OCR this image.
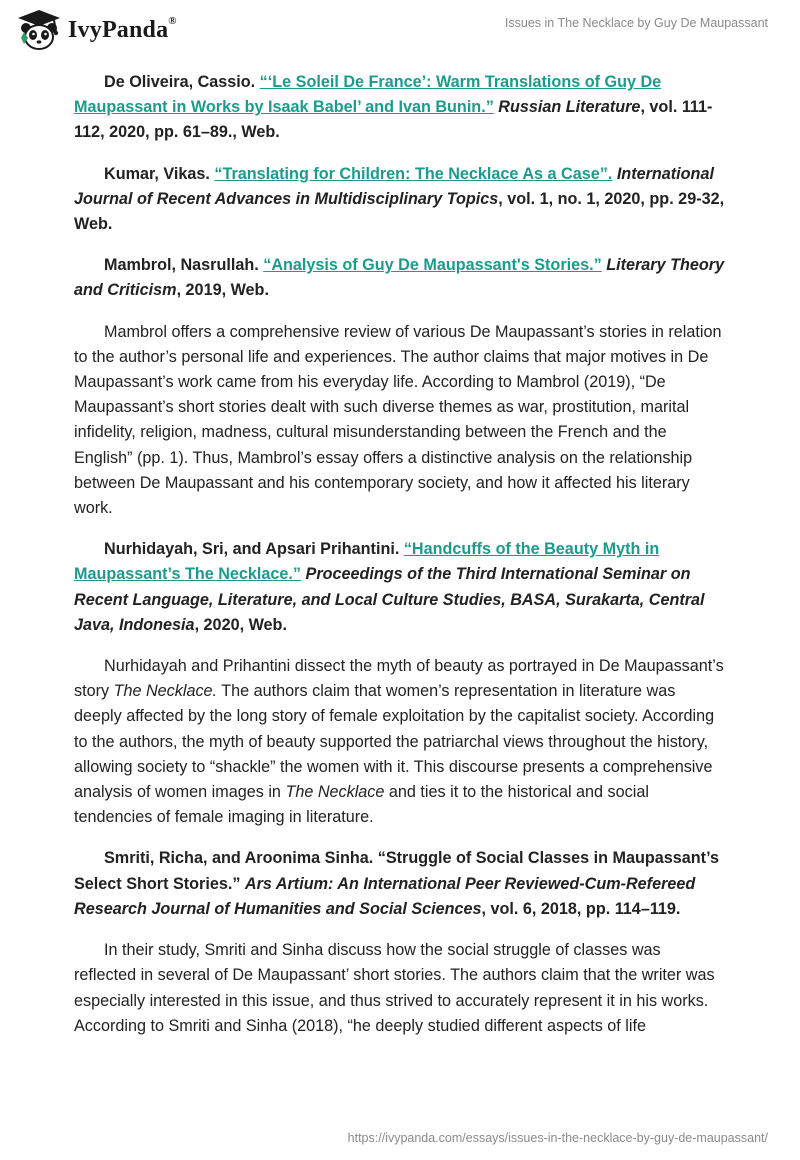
IvyPanda®	Issues in The Necklace by Guy De Maupassant

De Oliveira, Cassio. “‘Le Soleil De France’: Warm Translations of Guy De Maupassant in Works by Isaak Babel’ and Ivan Bunin.” Russian Literature, vol. 111-112, 2020, pp. 61–89., Web.

Kumar, Vikas. “Translating for Children: The Necklace As a Case”. International Journal of Recent Advances in Multidisciplinary Topics, vol. 1, no. 1, 2020, pp. 29-32, Web.

Mambrol, Nasrullah. “Analysis of Guy De Maupassant's Stories.” Literary Theory and Criticism, 2019, Web.

Mambrol offers a comprehensive review of various De Maupassant’s stories in relation to the author’s personal life and experiences. The author claims that major motives in De Maupassant’s work came from his everyday life. According to Mambrol (2019), “De Maupassant’s short stories dealt with such diverse themes as war, prostitution, marital infidelity, religion, madness, cultural misunderstanding between the French and the English” (pp. 1). Thus, Mambrol’s essay offers a distinctive analysis on the relationship between De Maupassant and his contemporary society, and how it affected his literary work.

Nurhidayah, Sri, and Apsari Prihantini. “Handcuffs of the Beauty Myth in Maupassant’s The Necklace.” Proceedings of the Third International Seminar on Recent Language, Literature, and Local Culture Studies, BASA, Surakarta, Central Java, Indonesia, 2020, Web.

Nurhidayah and Prihantini dissect the myth of beauty as portrayed in De Maupassant’s story The Necklace. The authors claim that women’s representation in literature was deeply affected by the long story of female exploitation by the capitalist society. According to the authors, the myth of beauty supported the patriarchal views throughout the history, allowing society to “shackle” the women with it. This discourse presents a comprehensive analysis of women images in The Necklace and ties it to the historical and social tendencies of female imaging in literature.

Smriti, Richa, and Aroonima Sinha. “Struggle of Social Classes in Maupassant’s Select Short Stories.” Ars Artium: An International Peer Reviewed-Cum-Refereed Research Journal of Humanities and Social Sciences, vol. 6, 2018, pp. 114–119.

In their study, Smriti and Sinha discuss how the social struggle of classes was reflected in several of De Maupassant’ short stories. The authors claim that the writer was especially interested in this issue, and thus strived to accurately represent it in his works. According to Smriti and Sinha (2018), “he deeply studied different aspects of life

https://ivypanda.com/essays/issues-in-the-necklace-by-guy-de-maupassant/
